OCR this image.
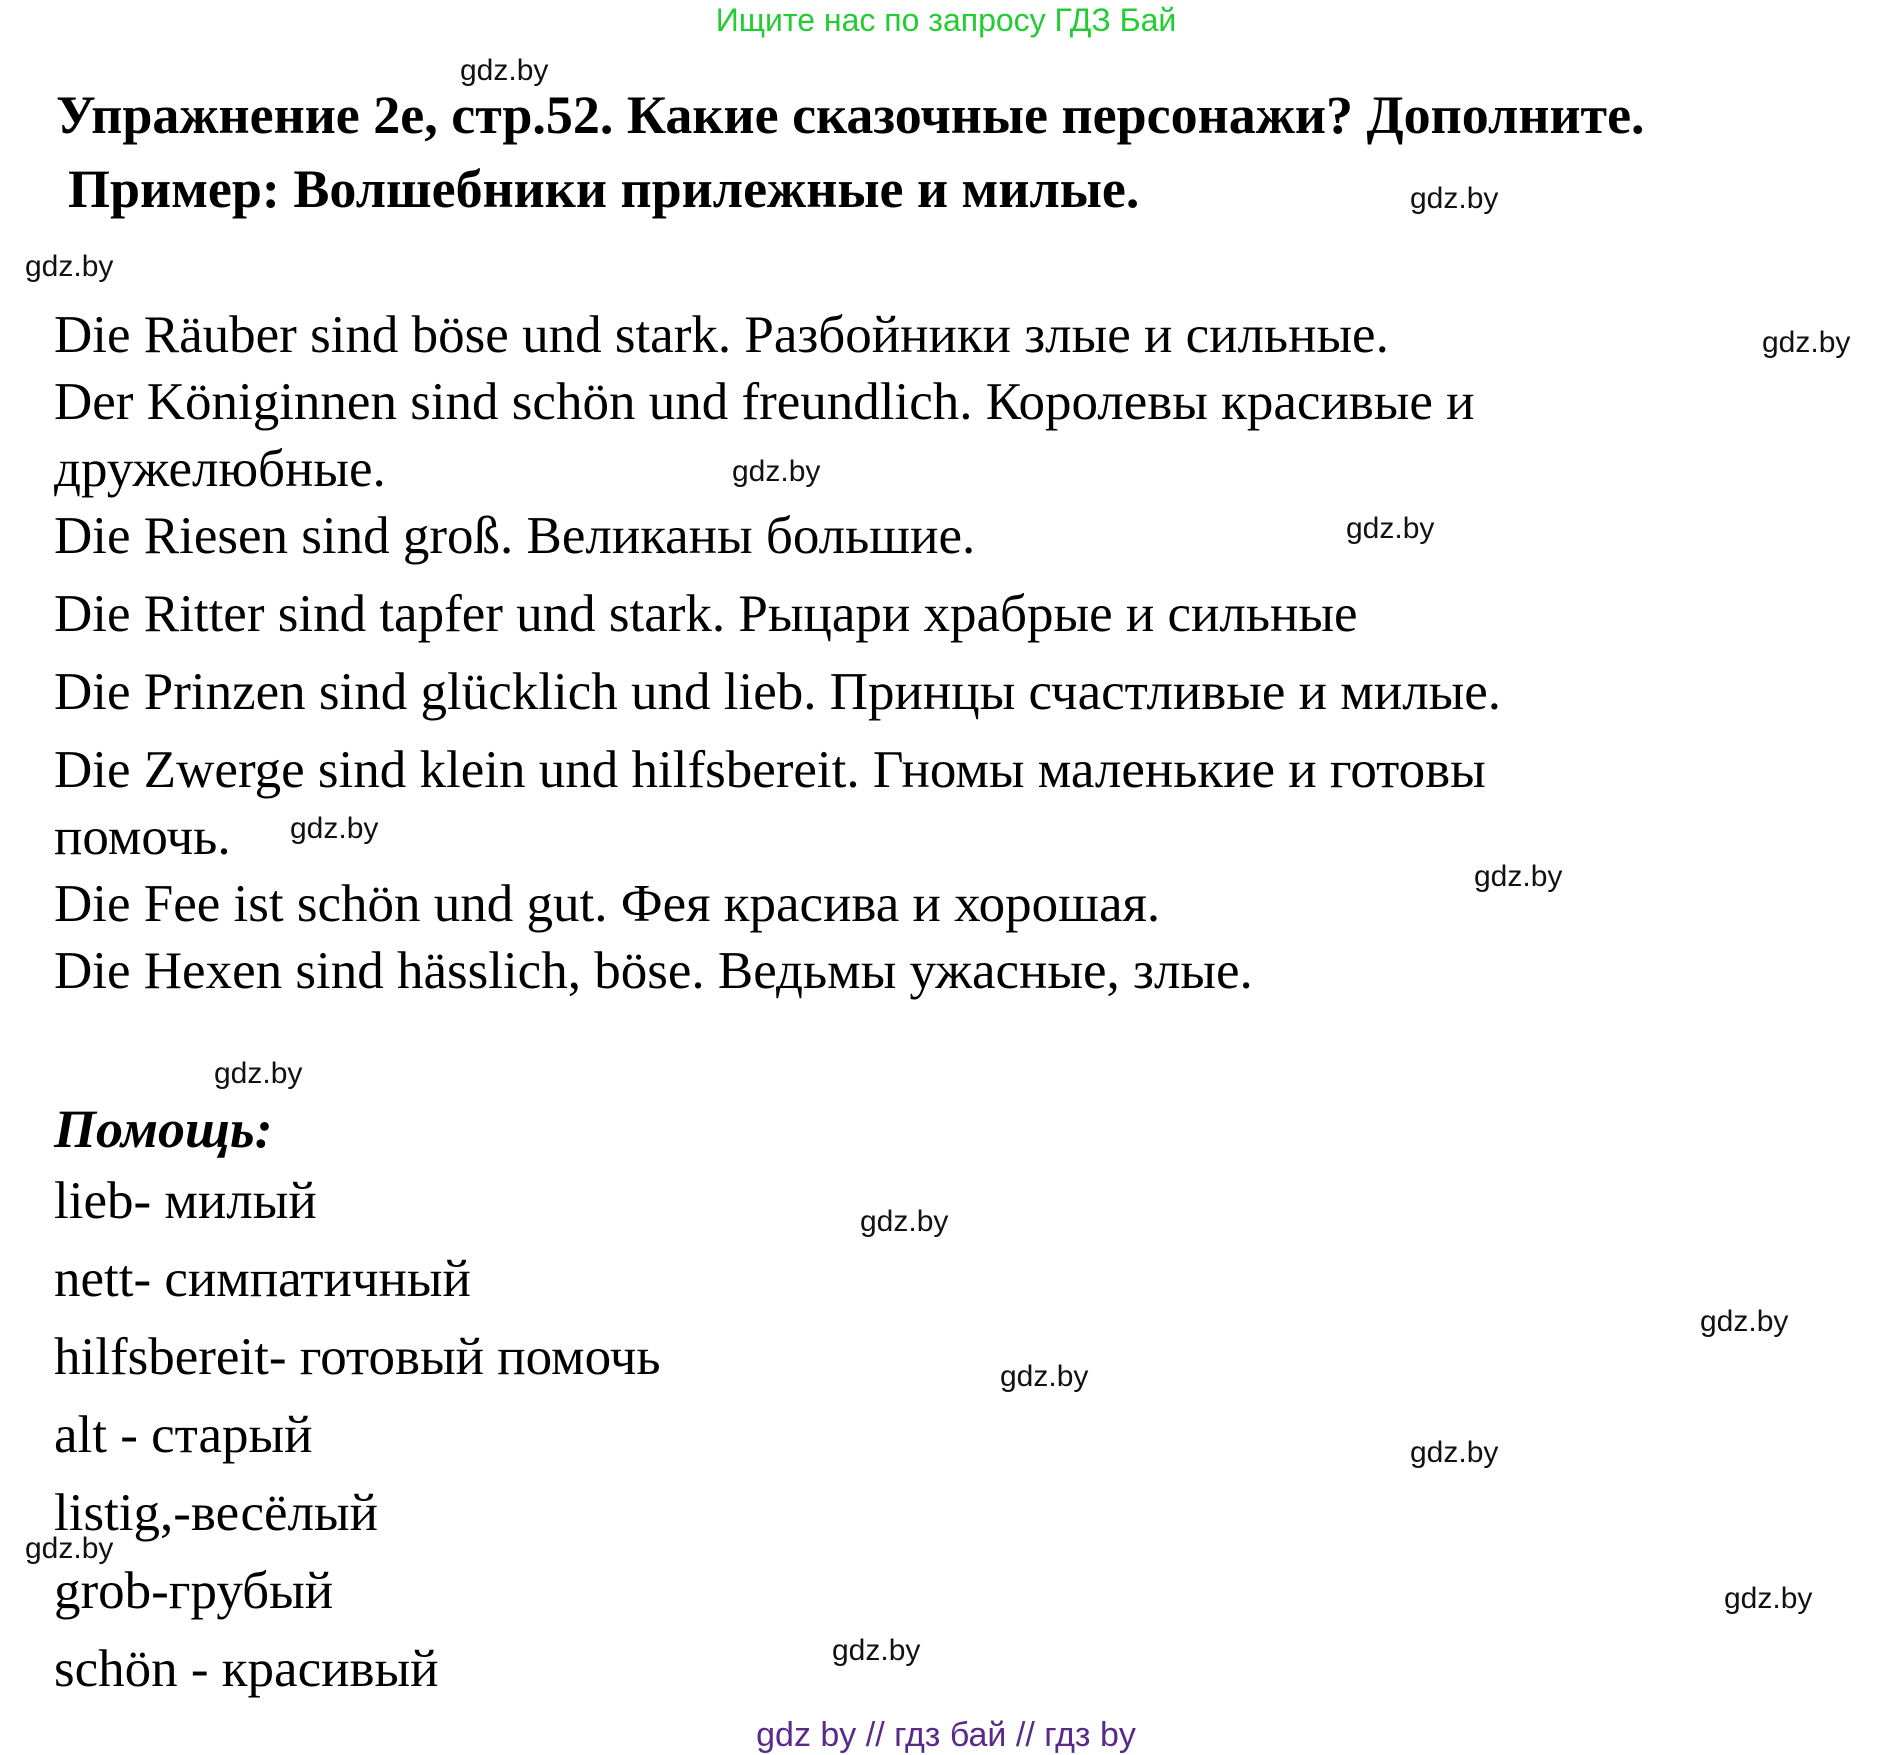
Ищите нас по запросу ГДЗ Бай
Упражнение 2е, стр.52. Какие сказочные персонажи? Дополните.
Пример: Волшебники прилежные и милые.
Die Räuber sind böse und stark. Разбойники злые и сильные.
Der Königinnen sind schön und freundlich. Королевы красивые и
дружелюбные.
Die Riesen sind groß. Великаны большие.
Die Ritter sind tapfer und stark. Рыцари храбрые и сильные
Die Prinzen sind glücklich und lieb. Принцы счастливые и милые.
Die Zwerge sind klein und hilfsbereit. Гномы маленькие и готовы
помочь.
Die Fee ist schön und gut. Фея красива и хорошая.
Die Hexen sind hässlich, böse. Ведьмы ужасные, злые.
Помощь:
lieb- милый
nett- симпатичный
hilfsbereit- готовый помочь
alt - старый
listig,-весёлый
grob-грубый
schön - красивый
gdz.by
gdz.by
gdz.by
gdz.by
gdz.by
gdz.by
gdz.by
gdz.by
gdz.by
gdz.by
gdz.by
gdz.by
gdz.by
gdz.by
gdz.by
gdz.by
gdz by // гдз бай // гдз by
